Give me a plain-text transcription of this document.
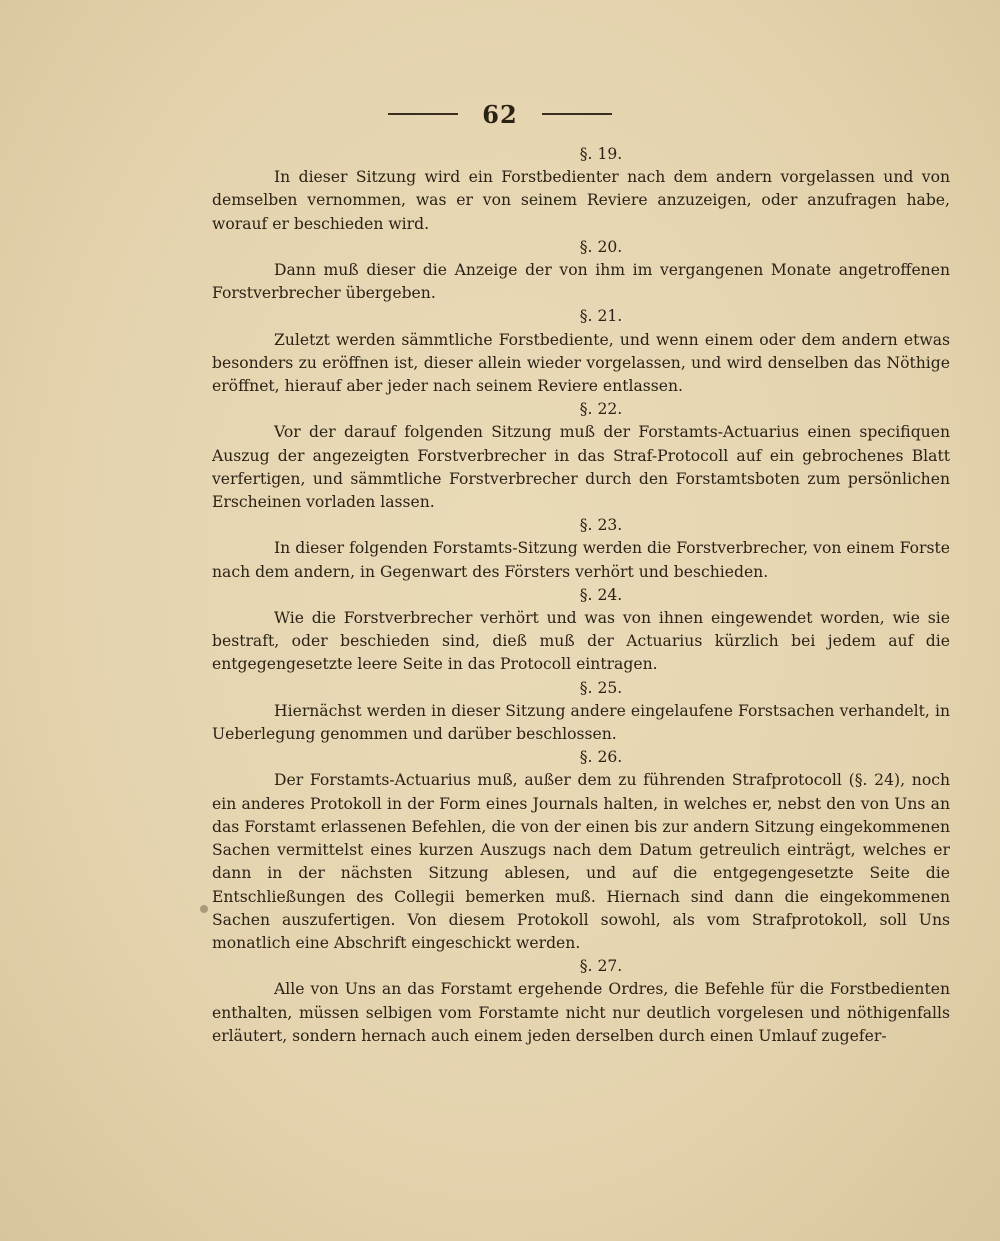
62
§. 19.

In dieser Sitzung wird ein Forstbedienter nach dem andern vorgelassen und von demselben vernommen, was er von seinem Reviere anzuzeigen, oder anzufragen habe, worauf er beschieden wird.

§. 20.

Dann muß dieser die Anzeige der von ihm im vergangenen Monate angetroffenen Forstverbrecher übergeben.

§. 21.

Zuletzt werden sämmtliche Forstbediente, und wenn einem oder dem andern etwas besonders zu eröffnen ist, dieser allein wieder vorgelassen, und wird denselben das Nöthige eröffnet, hierauf aber jeder nach seinem Reviere entlassen.

§. 22.

Vor der darauf folgenden Sitzung muß der Forstamts-Actuarius einen specifiquen Auszug der angezeigten Forstverbrecher in das Straf-Protocoll auf ein gebrochenes Blatt verfertigen, und sämmtliche Forstverbrecher durch den Forstamtsboten zum persönlichen Erscheinen vorladen lassen.

§. 23.

In dieser folgenden Forstamts-Sitzung werden die Forstverbrecher, von einem Forste nach dem andern, in Gegenwart des Försters verhört und beschieden.

§. 24.

Wie die Forstverbrecher verhört und was von ihnen eingewendet worden, wie sie bestraft, oder beschieden sind, dieß muß der Actuarius kürzlich bei jedem auf die entgegengesetzte leere Seite in das Protocoll eintragen.

§. 25.

Hiernächst werden in dieser Sitzung andere eingelaufene Forstsachen verhandelt, in Ueberlegung genommen und darüber beschlossen.

§. 26.

Der Forstamts-Actuarius muß, außer dem zu führenden Strafprotocoll (§. 24), noch ein anderes Protokoll in der Form eines Journals halten, in welches er, nebst den von Uns an das Forstamt erlassenen Befehlen, die von der einen bis zur andern Sitzung eingekommenen Sachen vermittelst eines kurzen Auszugs nach dem Datum getreulich einträgt, welches er dann in der nächsten Sitzung ablesen, und auf die entgegengesetzte Seite die Entschließungen des Collegii bemerken muß. Hiernach sind dann die eingekommenen Sachen auszufertigen. Von diesem Protokoll sowohl, als vom Strafprotokoll, soll Uns monatlich eine Abschrift eingeschickt werden.

§. 27.

Alle von Uns an das Forstamt ergehende Ordres, die Befehle für die Forstbedienten enthalten, müssen selbigen vom Forstamte nicht nur deutlich vorgelesen und nöthigenfalls erläutert, sondern hernach auch einem jeden derselben durch einen Umlauf zugefer-
